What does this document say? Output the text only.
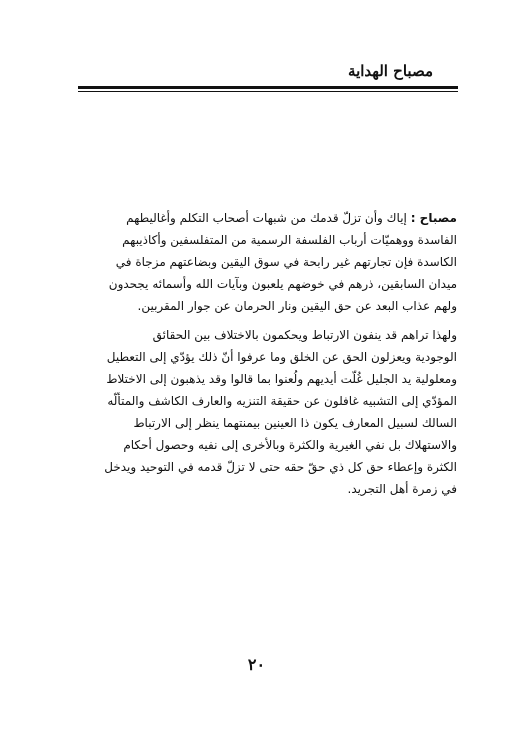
مصباح الهداية

مصباح : إياك وأن تزلّ قدمك من شبهات أصحاب التكلم وأغاليطهم
الفاسدة ووهميّات أرباب الفلسفة الرسمية من المتفلسفين وأكاذيبهم
الكاسدة فإن تجارتهم غير رابحة في سوق اليقين وبضاعتهم مزجاة في
ميدان السابقين، ذرهم في خوضهم يلعبون وبآيات الله وأسمائه يجحدون
ولهم عذاب البعد عن حق اليقين ونار الحرمان عن جوار المقربين.

ولهذا تراهم قد ينفون الارتباط ويحكمون بالاختلاف بين الحقائق
الوجودية ويعزلون الحق عن الخلق وما عرفوا أنّ ذلك يؤدّي إلى التعطيل
ومعلولية يد الجليل غُلّت أيديهم ولُعنوا بما قالوا وقد يذهبون إلى الاختلاط
المؤدّي إلى التشبيه غافلون عن حقيقة التنزيه والعارف الكاشف والمتألّه
السالك لسبيل المعارف يكون ذا العينين بيمنتهما ينظر إلى الارتباط
والاستهلاك بل نفي الغيرية والكثرة وبالأخرى إلى نفيه وحصول أحكام
الكثرة وإعطاء حق كل ذي حقّ حقه حتى لا تزلّ قدمه في التوحيد ويدخل
في زمرة أهل التجريد.

٢٠
